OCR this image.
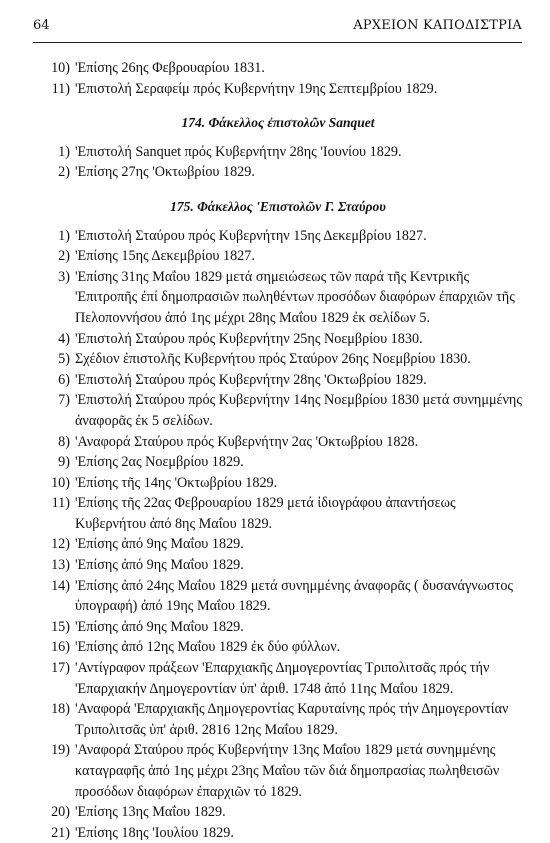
64	ΑΡΧΕΙΟΝ ΚΑΠΟΔΙΣΤΡΙΑ

10) 'Επίσης 26ης Φεβρουαρίου 1831.

11) 'Επιστολή Σεραφείμ πρός Κυβερνήτην 19ης Σεπτεμβρίου 1829.

174. Φάκελλος ἐπιστολῶν Sanquet

1) 'Επιστολή Sanquet πρός Κυβερνήτην 28ης 'Ιουνίου 1829.

2) 'Επίσης 27ης 'Οκτωβρίου 1829.

175. Φάκελλος 'Επιστολῶν Γ. Σταύρου

1) 'Επιστολή Σταύρου πρός Κυβερνήτην 15ης Δεκεμβρίου 1827.

2) 'Επίσης 15ης Δεκεμβρίου 1827.

3) 'Επίσης 31ης Μαΐου 1829 μετά σημειώσεως τῶν παρά τῆς Κεντρικῆς 'Επιτροπῆς ἐπί δημοπρασιῶν πωληθέντων προσόδων διαφόρων ἐπαρχιῶν τῆς Πελοποννήσου ἀπό 1ης μέχρι 28ης Μαΐου 1829 ἐκ σελίδων 5.

4) 'Επιστολή Σταύρου πρός Κυβερνήτην 25ης Νοεμβρίου 1830.

5) Σχέδιον ἐπιστολῆς Κυβερνήτου πρός Σταύρον 26ης Νοεμβρίου 1830.

6) 'Επιστολή Σταύρου πρός Κυβερνήτην 28ης 'Οκτωβρίου 1829.

7) 'Επιστολή Σταύρου πρός Κυβερνήτην 14ης Νοεμβρίου 1830 μετά συνημμένης ἀναφορᾶς ἐκ 5 σελίδων.

8) 'Αναφορά Σταύρου πρός Κυβερνήτην 2ας 'Οκτωβρίου 1828.

9) 'Επίσης 2ας Νοεμβρίου 1829.

10) 'Επίσης τῆς 14ης 'Οκτωβρίου 1829.

11) 'Επίσης τῆς 22ας Φεβρουαρίου 1829 μετά ἰδιογράφου ἀπαντήσεως Κυβερνήτου ἀπό 8ης Μαΐου 1829.

12) 'Επίσης ἀπό 9ης Μαΐου 1829.

13) 'Επίσης ἀπό 9ης Μαΐου 1829.

14) 'Επίσης ἀπό 24ης Μαΐου 1829 μετά συνημμένης ἀναφορᾶς ( δυσανάγνωστος ὑπογραφή) ἀπό 19ης Μαΐου 1829.

15) 'Επίσης ἀπό 9ης Μαΐου 1829.

16) 'Επίσης ἀπό 12ης Μαΐου 1829 ἐκ δύο φύλλων.

17) 'Αντίγραφον πράξεων 'Επαρχιακῆς Δημογεροντίας Τριπολιτσᾶς πρός τήν 'Επαρχιακήν Δημογεροντίαν ὑπ' ἀριθ. 1748 ἀπό 11ης Μαΐου 1829.

18) 'Αναφορά 'Επαρχιακῆς Δημογεροντίας Καρυταίνης πρός τήν Δημογεροντίαν Τριπολιτσᾶς ὑπ' ἀριθ. 2816 12ης Μαΐου 1829.

19) 'Αναφορά Σταύρου πρός Κυβερνήτην 13ης Μαΐου 1829 μετά συνημμένης καταγραφῆς ἀπό 1ης μέχρι 23ης Μαΐου τῶν διά δημοπρασίας πωληθεισῶν προσόδων διαφόρων ἐπαρχιῶν τό 1829.

20) 'Επίσης 13ης Μαΐου 1829.

21) 'Επίσης 18ης 'Ιουλίου 1829.
